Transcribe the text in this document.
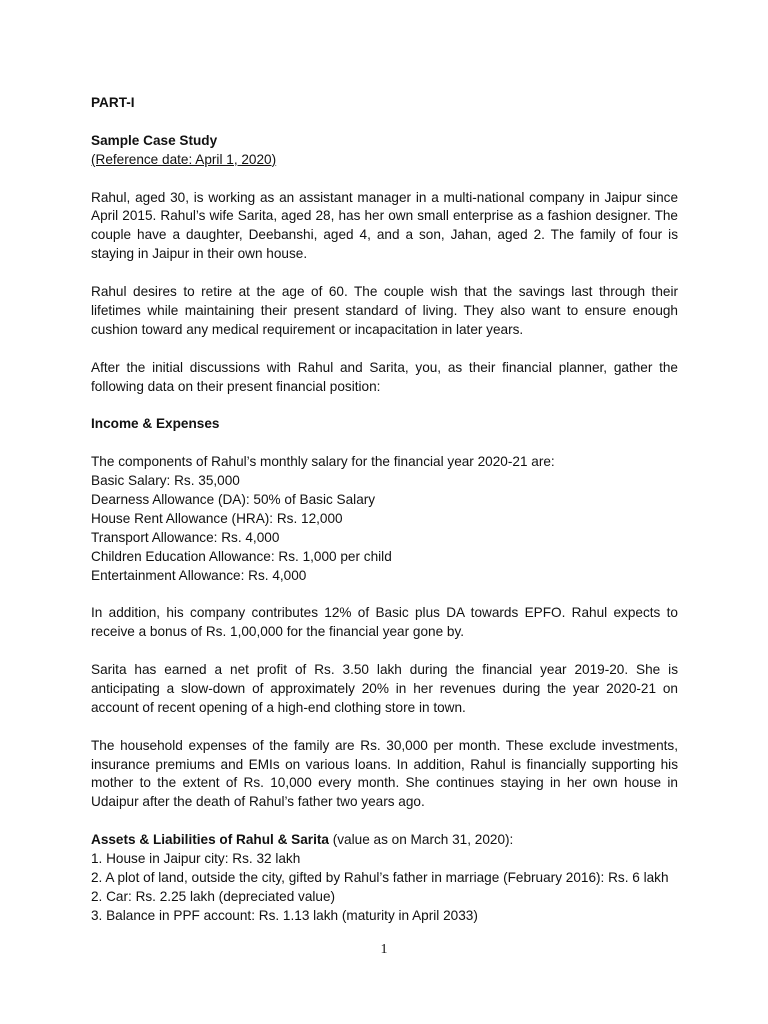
PART-I

Sample Case Study

(Reference date: April 1, 2020)

Rahul, aged 30, is working as an assistant manager in a multi-national company in Jaipur since April 2015. Rahul’s wife Sarita, aged 28, has her own small enterprise as a fashion designer. The couple have a daughter, Deebanshi, aged 4, and a son, Jahan, aged 2. The family of four is staying in Jaipur in their own house.

Rahul desires to retire at the age of 60. The couple wish that the savings last through their lifetimes while maintaining their present standard of living. They also want to ensure enough cushion toward any medical requirement or incapacitation in later years.

After the initial discussions with Rahul and Sarita, you, as their financial planner, gather the following data on their present financial position:

Income & Expenses

The components of Rahul’s monthly salary for the financial year 2020-21 are:

Basic Salary: Rs. 35,000
Dearness Allowance (DA): 50% of Basic Salary
House Rent Allowance (HRA): Rs. 12,000
Transport Allowance: Rs. 4,000
Children Education Allowance: Rs. 1,000 per child
Entertainment Allowance: Rs. 4,000

In addition, his company contributes 12% of Basic plus DA towards EPFO. Rahul expects to receive a bonus of Rs. 1,00,000 for the financial year gone by.

Sarita has earned a net profit of Rs. 3.50 lakh during the financial year 2019-20. She is anticipating a slow-down of approximately 20% in her revenues during the year 2020-21 on account of recent opening of a high-end clothing store in town.

The household expenses of the family are Rs. 30,000 per month. These exclude investments, insurance premiums and EMIs on various loans. In addition, Rahul is financially supporting his mother to the extent of Rs. 10,000 every month. She continues staying in her own house in Udaipur after the death of Rahul’s father two years ago.

Assets & Liabilities of Rahul & Sarita (value as on March 31, 2020):

1. House in Jaipur city: Rs. 32 lakh
2. A plot of land, outside the city, gifted by Rahul’s father in marriage (February 2016): Rs. 6 lakh
2. Car: Rs. 2.25 lakh (depreciated value)
3. Balance in PPF account: Rs. 1.13 lakh (maturity in April 2033)
1
